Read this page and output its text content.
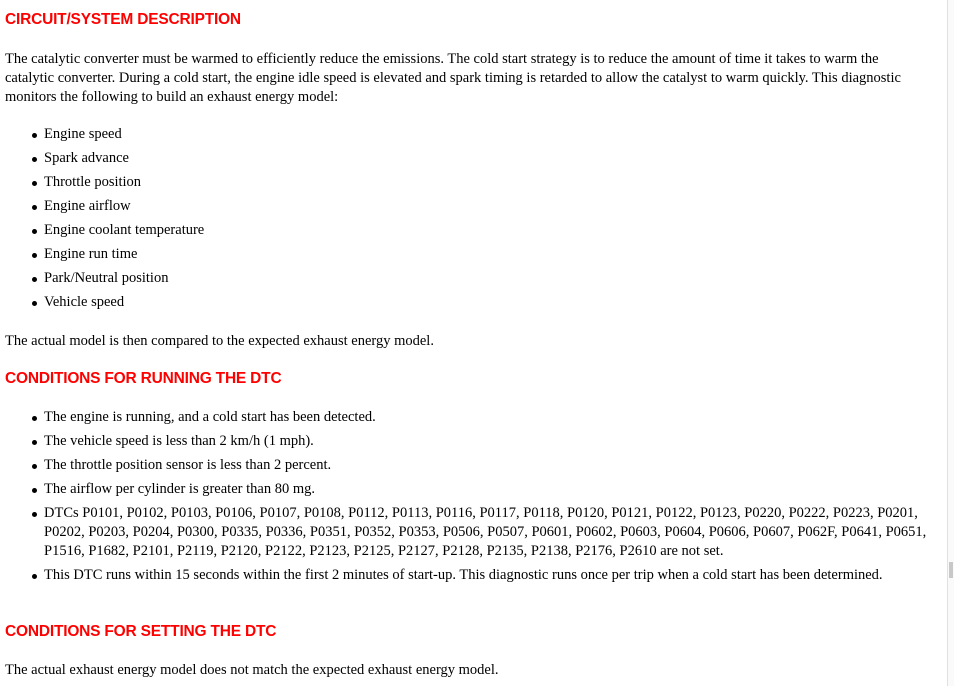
CIRCUIT/SYSTEM DESCRIPTION

The catalytic converter must be warmed to efficiently reduce the emissions. The cold start strategy is to reduce the amount of time it takes to warm the catalytic converter. During a cold start, the engine idle speed is elevated and spark timing is retarded to allow the catalyst to warm quickly. This diagnostic monitors the following to build an exhaust energy model:

Engine speed
Spark advance
Throttle position
Engine airflow
Engine coolant temperature
Engine run time
Park/Neutral position
Vehicle speed

The actual model is then compared to the expected exhaust energy model.

CONDITIONS FOR RUNNING THE DTC
The engine is running, and a cold start has been detected.
The vehicle speed is less than 2 km/h (1 mph).
The throttle position sensor is less than 2 percent.
The airflow per cylinder is greater than 80 mg.
DTCs P0101, P0102, P0103, P0106, P0107, P0108, P0112, P0113, P0116, P0117, P0118, P0120, P0121, P0122, P0123, P0220, P0222, P0223, P0201, P0202, P0203, P0204, P0300, P0335, P0336, P0351, P0352, P0353, P0506, P0507, P0601, P0602, P0603, P0604, P0606, P0607, P062F, P0641, P0651, P1516, P1682, P2101, P2119, P2120, P2122, P2123, P2125, P2127, P2128, P2135, P2138, P2176, P2610 are not set.
This DTC runs within 15 seconds within the first 2 minutes of start-up. This diagnostic runs once per trip when a cold start has been determined.
CONDITIONS FOR SETTING THE DTC

The actual exhaust energy model does not match the expected exhaust energy model.
